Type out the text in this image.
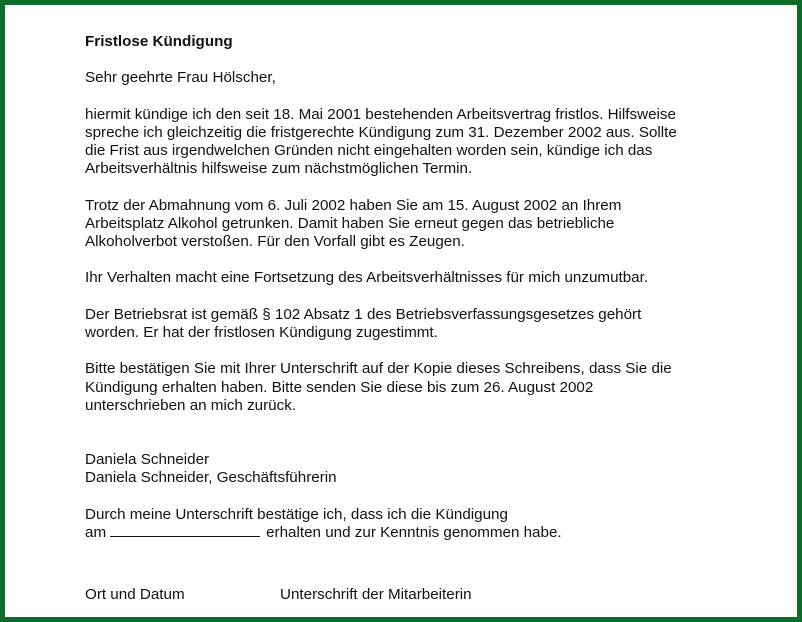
Fristlose Kündigung
Sehr geehrte Frau Hölscher,
hiermit kündige ich den seit 18. Mai 2001 bestehenden Arbeitsvertrag fristlos. Hilfsweise
spreche ich gleichzeitig die fristgerechte Kündigung zum 31. Dezember 2002 aus. Sollte
die Frist aus irgendwelchen Gründen nicht eingehalten worden sein, kündige ich das
Arbeitsverhältnis hilfsweise zum nächstmöglichen Termin.
Trotz der Abmahnung vom 6. Juli 2002 haben Sie am 15. August 2002 an Ihrem
Arbeitsplatz Alkohol getrunken. Damit haben Sie erneut gegen das betriebliche
Alkoholverbot verstoßen. Für den Vorfall gibt es Zeugen.
Ihr Verhalten macht eine Fortsetzung des Arbeitsverhältnisses für mich unzumutbar.
Der Betriebsrat ist gemäß § 102 Absatz 1 des Betriebsverfassungsgesetzes gehört
worden. Er hat der fristlosen Kündigung zugestimmt.
Bitte bestätigen Sie mit Ihrer Unterschrift auf der Kopie dieses Schreibens, dass Sie die
Kündigung erhalten haben. Bitte senden Sie diese bis zum 26. August 2002
unterschrieben an mich zurück.
Daniela Schneider
Daniela Schneider, Geschäftsführerin
Durch meine Unterschrift bestätige ich, dass ich die Kündigung
am	erhalten und zur Kenntnis genommen habe.
Ort und Datum	Unterschrift der Mitarbeiterin
